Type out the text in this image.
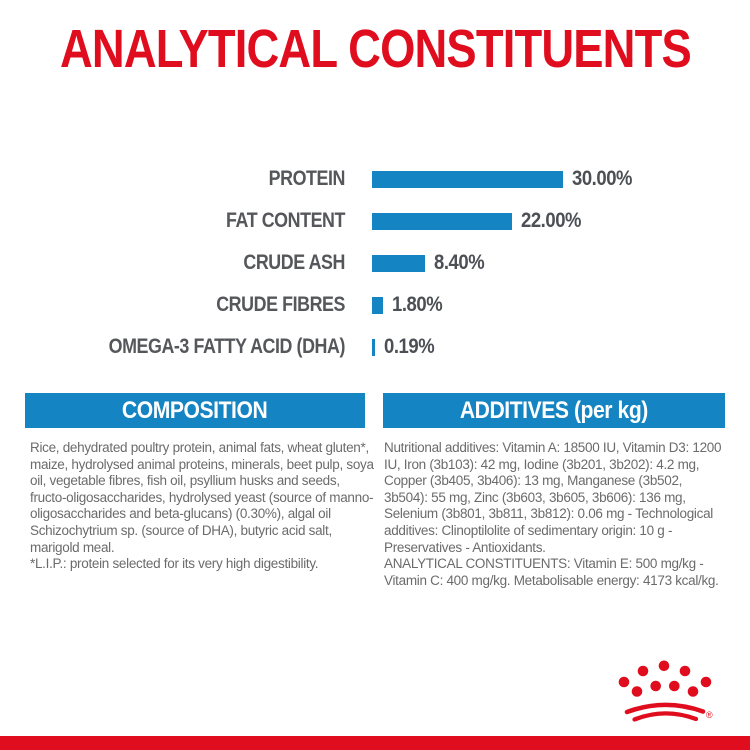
ANALYTICAL CONSTITUENTS
PROTEIN	30.00%
FAT CONTENT	22.00%
CRUDE ASH	8.40%
CRUDE FIBRES 1.80%
OMEGA-3 FATTY ACID (DHA) 0.19%
COMPOSITION

Rice, dehydrated poultry protein, animal fats, wheat gluten*, maize, hydrolysed animal proteins, minerals, beet pulp, soya oil, vegetable fibres, fish oil, psyllium husks and seeds, fructo-oligosaccharides, hydrolysed yeast (source of manno-oligosaccharides and beta-glucans) (0.30%), algal oil Schizochytrium sp. (source of DHA), butyric acid salt, marigold meal.

*L.I.P.: protein selected for its very high digestibility.

ADDITIVES (per kg)

Nutritional additives: Vitamin A: 18500 IU, Vitamin D3: 1200 IU, Iron (3b103): 42 mg, Iodine (3b201, 3b202): 4.2 mg, Copper (3b405, 3b406): 13 mg, Manganese (3b502, 3b504): 55 mg, Zinc (3b603, 3b605, 3b606): 136 mg, Selenium (3b801, 3b811, 3b812): 0.06 mg - Technological additives: Clinoptilolite of sedimentary origin: 10 g - Preservatives - Antioxidants.

ANALYTICAL CONSTITUENTS: Vitamin E: 500 mg/kg - Vitamin C: 400 mg/kg. Metabolisable energy: 4173 kcal/kg.

®
